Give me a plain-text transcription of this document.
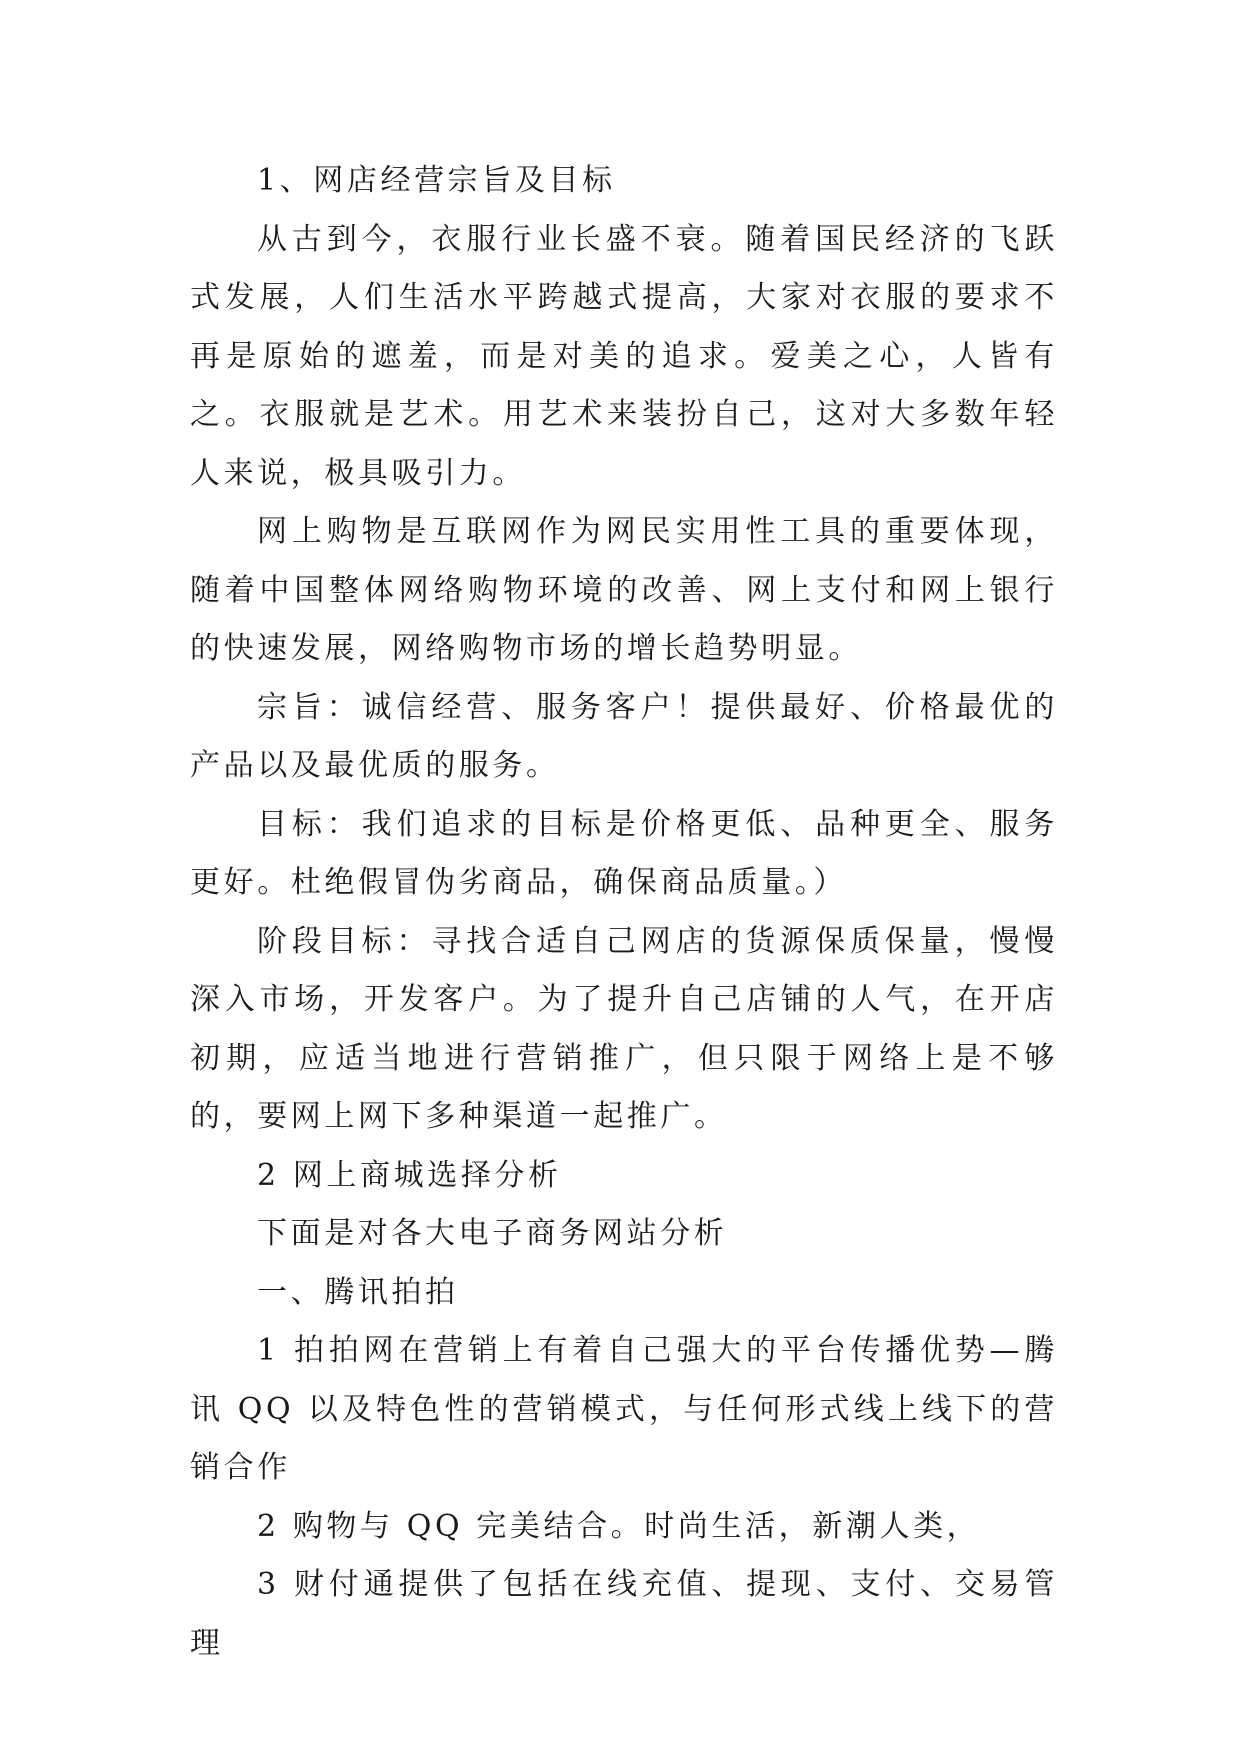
1、网店经营宗旨及目标

从古到今，衣服行业长盛不衰。随着国民经济的飞跃式发展，人们生活水平跨越式提高，大家对衣服的要求不再是原始的遮羞，而是对美的追求。爱美之心，人皆有之。衣服就是艺术。用艺术来装扮自己，这对大多数年轻人来说，极具吸引力。

网上购物是互联网作为网民实用性工具的重要体现，随着中国整体网络购物环境的改善、网上支付和网上银行的快速发展，网络购物市场的增长趋势明显。

宗旨：诚信经营、服务客户！提供最好、价格最优的产品以及最优质的服务。

目标：我们追求的目标是价格更低、品种更全、服务更好。杜绝假冒伪劣商品，确保商品质量。）

阶段目标：寻找合适自己网店的货源保质保量，慢慢深入市场，开发客户。为了提升自己店铺的人气，在开店初期，应适当地进行营销推广，但只限于网络上是不够的，要网上网下多种渠道一起推广。

2 网上商城选择分析

下面是对各大电子商务网站分析

一、腾讯拍拍

1 拍拍网在营销上有着自己强大的平台传播优势—腾讯 QQ 以及特色性的营销模式，与任何形式线上线下的营销合作

2 购物与 QQ 完美结合。时尚生活，新潮人类，

3 财付通提供了包括在线充值、提现、支付、交易管理
